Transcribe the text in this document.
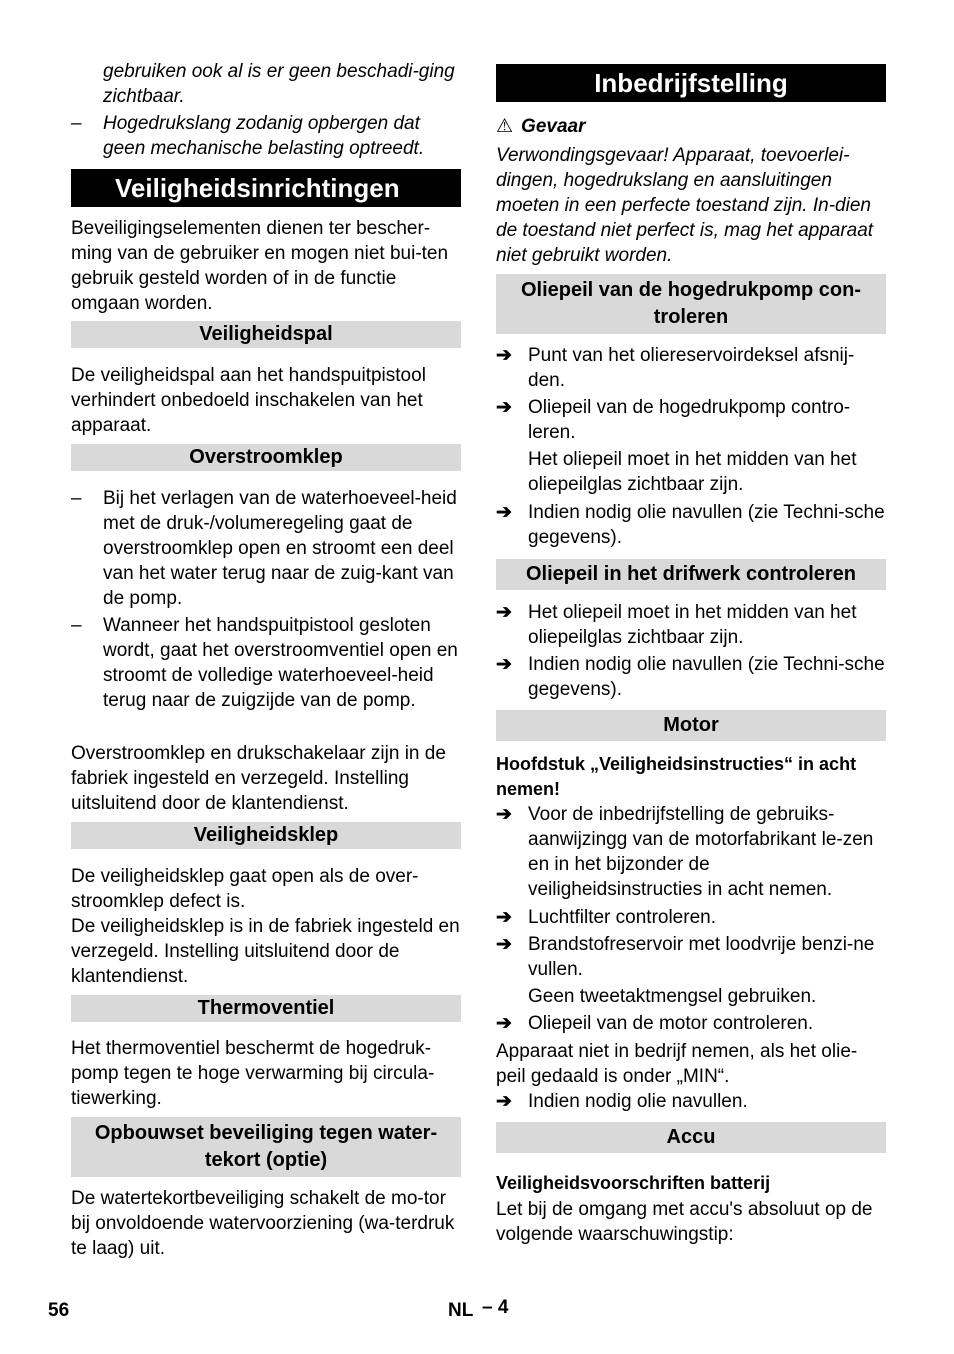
gebruiken ook al is er geen beschadi-ging zichtbaar.
–	Hogedrukslang zodanig opbergen dat geen mechanische belasting optreedt.
Veiligheidsinrichtingen
Beveiligingselementen dienen ter bescher-ming van de gebruiker en mogen niet bui-ten gebruik gesteld worden of in de functie omgaan worden.
Veiligheidspal
De veiligheidspal aan het handspuitpistool verhindert onbedoeld inschakelen van het apparaat.
Overstroomklep
–	Bij het verlagen van de waterhoeveel-heid met de druk-/volumeregeling gaat de overstroomklep open en stroomt een deel van het water terug naar de zuig-kant van de pomp.
–	Wanneer het handspuitpistool gesloten wordt, gaat het overstroomventiel open en stroomt de volledige waterhoeveel-heid terug naar de zuigzijde van de pomp.
Overstroomklep en drukschakelaar zijn in de fabriek ingesteld en verzegeld. Instelling uitsluitend door de klantendienst.
Veiligheidsklep
De veiligheidsklep gaat open als de over-stroomklep defect is.
De veiligheidsklep is in de fabriek ingesteld en verzegeld. Instelling uitsluitend door de klantendienst.
Thermoventiel
Het thermoventiel beschermt de hogedruk-pomp tegen te hoge verwarming bij circula-tiewerking.
Opbouwset beveiliging tegen water-tekort (optie)
De watertekortbeveiliging schakelt de mo-tor bij onvoldoende watervoorziening (wa-terdruk te laag) uit.
Inbedrijfstelling
⚠ Gevaar
Verwondingsgevaar! Apparaat, toevoerlei-dingen, hogedrukslang en aansluitingen moeten in een perfecte toestand zijn. In-dien de toestand niet perfect is, mag het apparaat niet gebruikt worden.
Oliepeil van de hogedrukpomp con-troleren
➔ Punt van het oliereservoirdeksel afsnij-den.
➔ Oliepeil van de hogedrukpomp contro-leren.
Het oliepeil moet in het midden van het oliepeilglas zichtbaar zijn.
➔ Indien nodig olie navullen (zie Techni-sche gegevens).
Oliepeil in het drifwerk controleren
➔ Het oliepeil moet in het midden van het oliepeilglas zichtbaar zijn.
➔ Indien nodig olie navullen (zie Techni-sche gegevens).
Motor
Hoofdstuk „Veiligheidsinstructies“ in acht nemen!
➔ Voor de inbedrijfstelling de gebruiks-aanwijzingg van de motorfabrikant le-zen en in het bijzonder de veiligheidsinstructies in acht nemen.
➔ Luchtfilter controleren.
➔ Brandstofreservoir met loodvrije benzi-ne vullen.
Geen tweetaktmengsel gebruiken.
➔ Oliepeil van de motor controleren.
Apparaat niet in bedrijf nemen, als het olie-peil gedaald is onder „MIN“.
➔ Indien nodig olie navullen.
Accu
Veiligheidsvoorschriften batterij
Let bij de omgang met accu's absoluut op de volgende waarschuwingstip:
56	NL – 4
